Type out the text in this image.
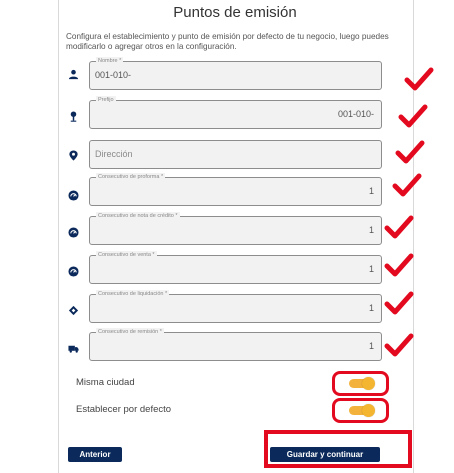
Puntos de emisión
Configura el establecimiento y punto de emisión por defecto de tu negocio, luego puedes modificarlo o agregar otros en la configuración.
Nombre *
001-010-
Prefijo
001-010-
Dirección
Consecutivo de proforma *
1
Consecutivo de nota de crédito *
1
Consecutivo de venta *
1
Consecutivo de liquidación *
1
Consecutivo de remisión *
1
Misma ciudad
Establecer por defecto
Anterior	Guardar y continuar
